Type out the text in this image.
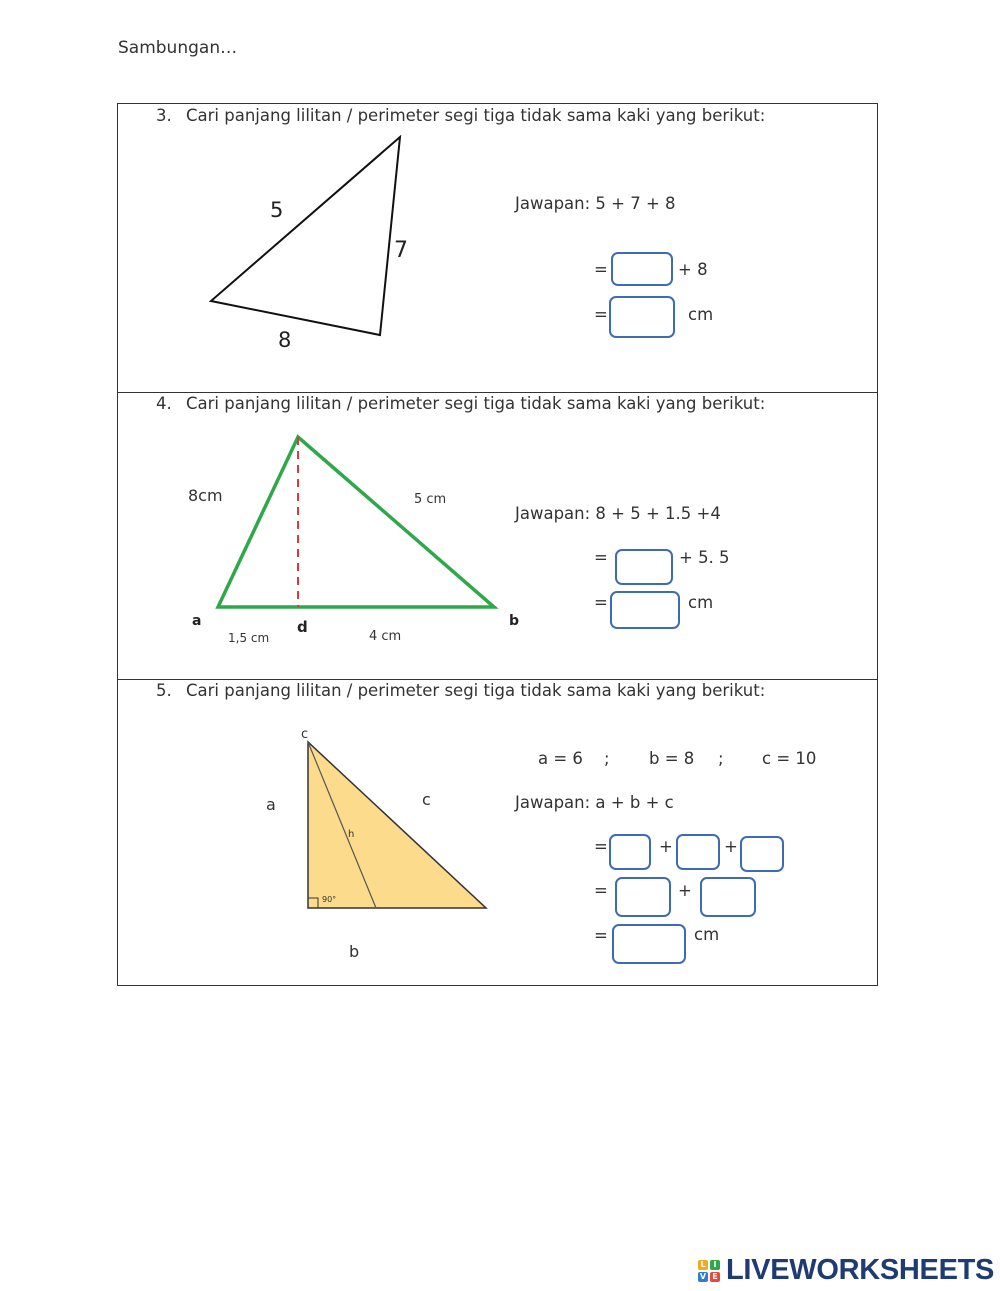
Sambungan…
3. Cari panjang lilitan / perimeter segi tiga tidak sama kaki yang berikut:
5
7
8
Jawapan: 5 + 7 + 8
=	+ 8
=	cm
4. Cari panjang lilitan / perimeter segi tiga tidak sama kaki yang berikut:
8cm	5 cm
a	d	b
1,5 cm	4 cm
Jawapan: 8 + 5 + 1.5 +4
=	+ 5. 5
=	cm
5. Cari panjang lilitan / perimeter segi tiga tidak sama kaki yang berikut:
c
a	c
h
90°
b
a = 6 ; b = 8 ; c = 10
Jawapan: a + b + c
=	+	+
=	+
=	cm
L I
V E LIVEWORKSHEETS
